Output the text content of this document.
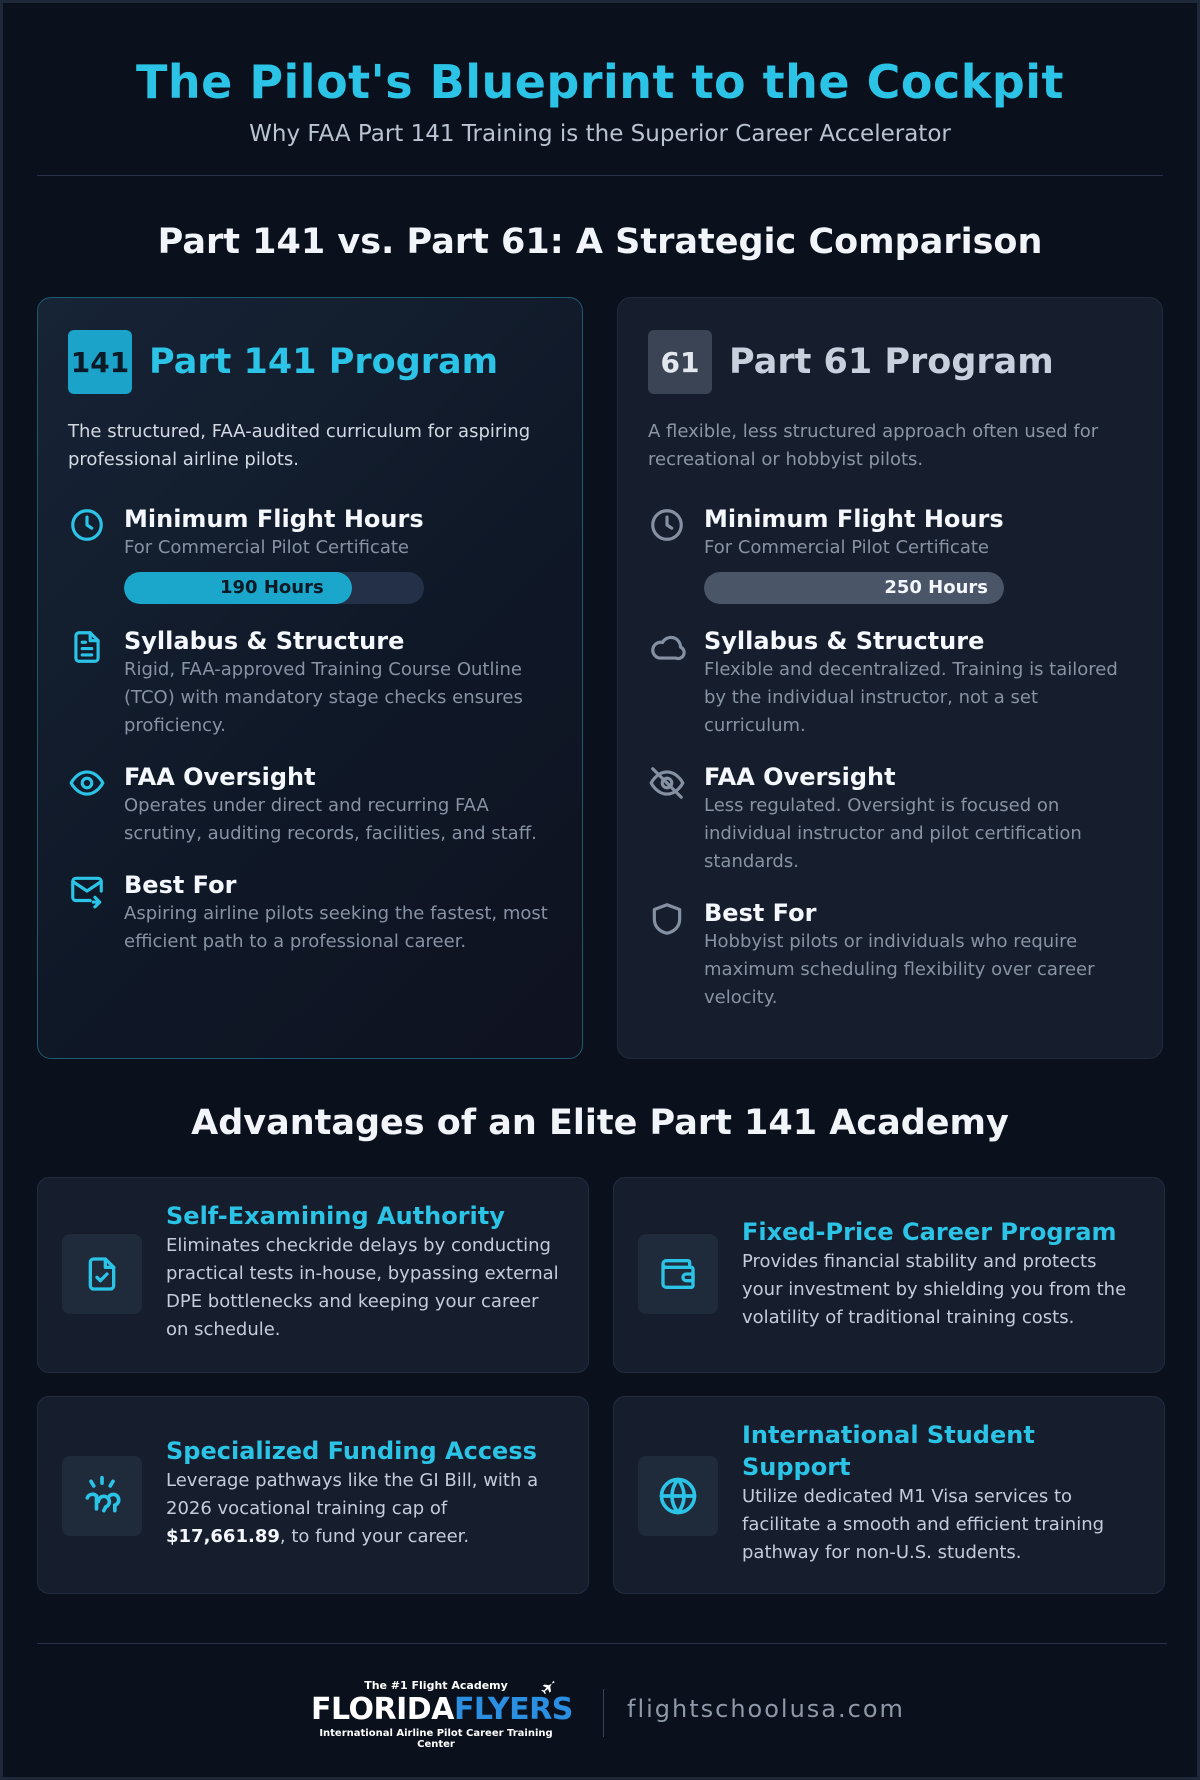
The Pilot's Blueprint to the Cockpit
Why FAA Part 141 Training is the Superior Career Accelerator
Part 141 vs. Part 61: A Strategic Comparison
141 Part 141 Program
The structured, FAA-audited curriculum for aspiring professional airline pilots.
Minimum Flight Hours
For Commercial Pilot Certificate
190 Hours
Syllabus & Structure
Rigid, FAA-approved Training Course Outline (TCO) with mandatory stage checks ensures proficiency.
FAA Oversight
Operates under direct and recurring FAA scrutiny, auditing records, facilities, and staff.
Best For
Aspiring airline pilots seeking the fastest, most efficient path to a professional career.
61 Part 61 Program
A flexible, less structured approach often used for recreational or hobbyist pilots.
Minimum Flight Hours
For Commercial Pilot Certificate
250 Hours
Syllabus & Structure
Flexible and decentralized. Training is tailored by the individual instructor, not a set curriculum.
FAA Oversight
Less regulated. Oversight is focused on individual instructor and pilot certification standards.
Best For
Hobbyist pilots or individuals who require maximum scheduling flexibility over career velocity.
Advantages of an Elite Part 141 Academy
Self-Examining Authority
Eliminates checkride delays by conducting practical tests in-house, bypassing external DPE bottlenecks and keeping your career on schedule.
Fixed-Price Career Program
Provides financial stability and protects your investment by shielding you from the volatility of traditional training costs.
Specialized Funding Access
Leverage pathways like the GI Bill, with a 2026 vocational training cap of $17,661.89, to fund your career.
International Student Support
Utilize dedicated M1 Visa services to facilitate a smooth and efficient training pathway for non-U.S. students.
The #1 Flight Academy
FLORIDAFLYERS
International Airline Pilot Career Training Center
flightschoolusa.com
